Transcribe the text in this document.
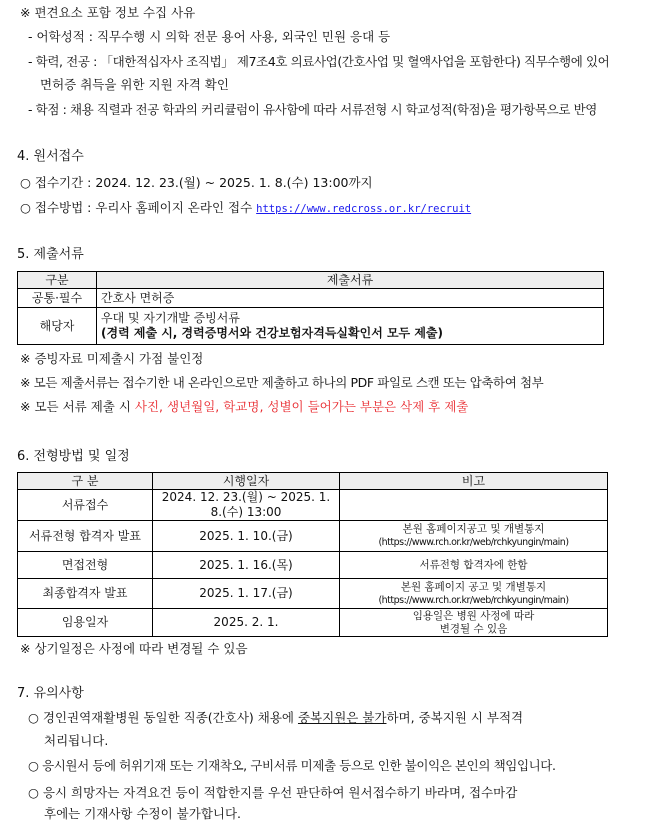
※ 편견요소 포함 정보 수집 사유
- 어학성적 : 직무수행 시 의학 전문 용어 사용, 외국인 민원 응대 등
- 학력, 전공 : 「대한적십자사 조직법」 제7조4호 의료사업(간호사업 및 혈액사업을 포함한다) 직무수행에 있어
면허증 취득을 위한 지원 자격 확인
- 학점 : 채용 직렬과 전공 학과의 커리큘럼이 유사함에 따라 서류전형 시 학교성적(학점)을 평가항목으로 반영
4. 원서접수
○ 접수기간 : 2024. 12. 23.(월) ~ 2025. 1. 8.(수) 13:00까지
○ 접수방법 : 우리사 홈페이지 온라인 접수 https://www.redcross.or.kr/recruit
5. 제출서류
구분	제출서류
공통·필수	간호사 면허증
해당자	우대 및 자기개발 증빙서류
(경력 제출 시, 경력증명서와 건강보험자격득실확인서 모두 제출)
※ 증빙자료 미제출시 가점 불인정
※ 모든 제출서류는 접수기한 내 온라인으로만 제출하고 하나의 PDF 파일로 스캔 또는 압축하여 첨부
※ 모든 서류 제출 시 사진, 생년월일, 학교명, 성별이 들어가는 부분은 삭제 후 제출
6. 전형방법 및 일정
구 분	시행일자	비고
서류접수	2024. 12. 23.(월) ~ 2025. 1. 8.(수) 13:00	
서류전형 합격자 발표	2025. 1. 10.(금)	본원 홈페이지공고 및 개별통지
(https://www.rch.or.kr/web/rchkyungin/main)

면접전형	2025. 1. 16.(목)	서류전형 합격자에 한함
최종합격자 발표	2025. 1. 17.(금)	본원 홈페이지 공고 및 개별통지
(https://www.rch.or.kr/web/rchkyungin/main)

임용일자	2025. 2. 1.	임용일은 병원 사정에 따라
변경될 수 있음
※ 상기일정은 사정에 따라 변경될 수 있음
7. 유의사항
○ 경인권역재활병원 동일한 직종(간호사) 채용에 중복지원은 불가하며, 중복지원 시 부적격
처리됩니다.
○ 응시원서 등에 허위기재 또는 기재착오, 구비서류 미제출 등으로 인한 불이익은 본인의 책임입니다.
○ 응시 희망자는 자격요건 등이 적합한지를 우선 판단하여 원서접수하기 바라며, 접수마감
후에는 기재사항 수정이 불가합니다.
